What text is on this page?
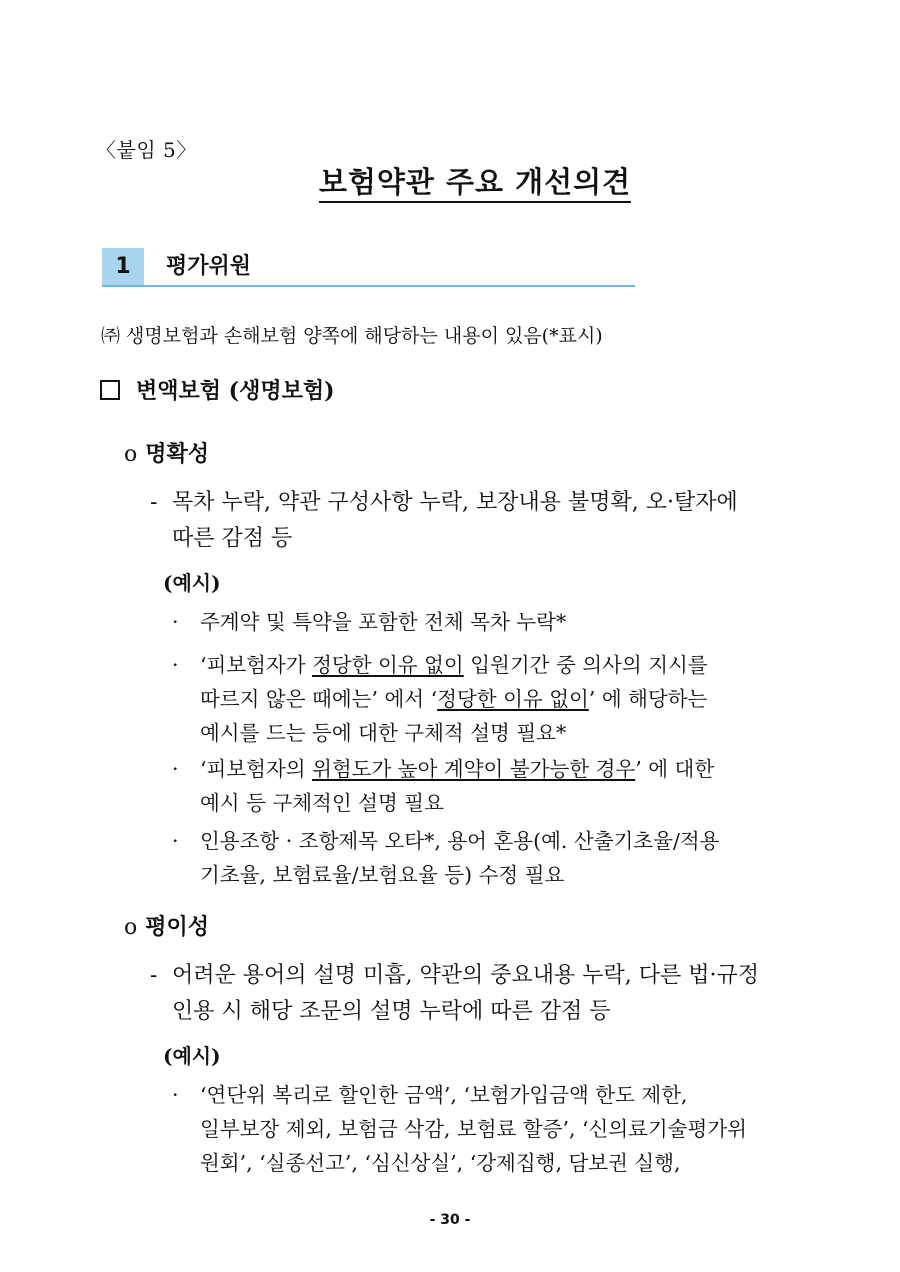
〈붙임 5〉
보험약관 주요 개선의견
1	평가위원
㈜ 생명보험과 손해보험 양쪽에 해당하는 내용이 있음(*표시)
변액보험 (생명보험)
o 명확성
- 목차 누락, 약관 구성사항 누락, 보장내용 불명확, 오·탈자에
따른 감점 등
(예시)
· 주계약 및 특약을 포함한 전체 목차 누락*
· ‘피보험자가 정당한 이유 없이 입원기간 중 의사의 지시를
따르지 않은 때에는’ 에서 ‘정당한 이유 없이’ 에 해당하는
예시를 드는 등에 대한 구체적 설명 필요*
· ‘피보험자의 위험도가 높아 계약이 불가능한 경우’ 에 대한
예시 등 구체적인 설명 필요
· 인용조항 · 조항제목 오타*, 용어 혼용(예. 산출기초율/적용
기초율, 보험료율/보험요율 등) 수정 필요
o 평이성
- 어려운 용어의 설명 미흡, 약관의 중요내용 누락, 다른 법·규정
인용 시 해당 조문의 설명 누락에 따른 감점 등
(예시)
· ‘연단위 복리로 할인한 금액’, ‘보험가입금액 한도 제한,
일부보장 제외, 보험금 삭감, 보험료 할증’, ‘신의료기술평가위
원회’, ‘실종선고’, ‘심신상실’, ‘강제집행, 담보권 실행,
- 30 -
